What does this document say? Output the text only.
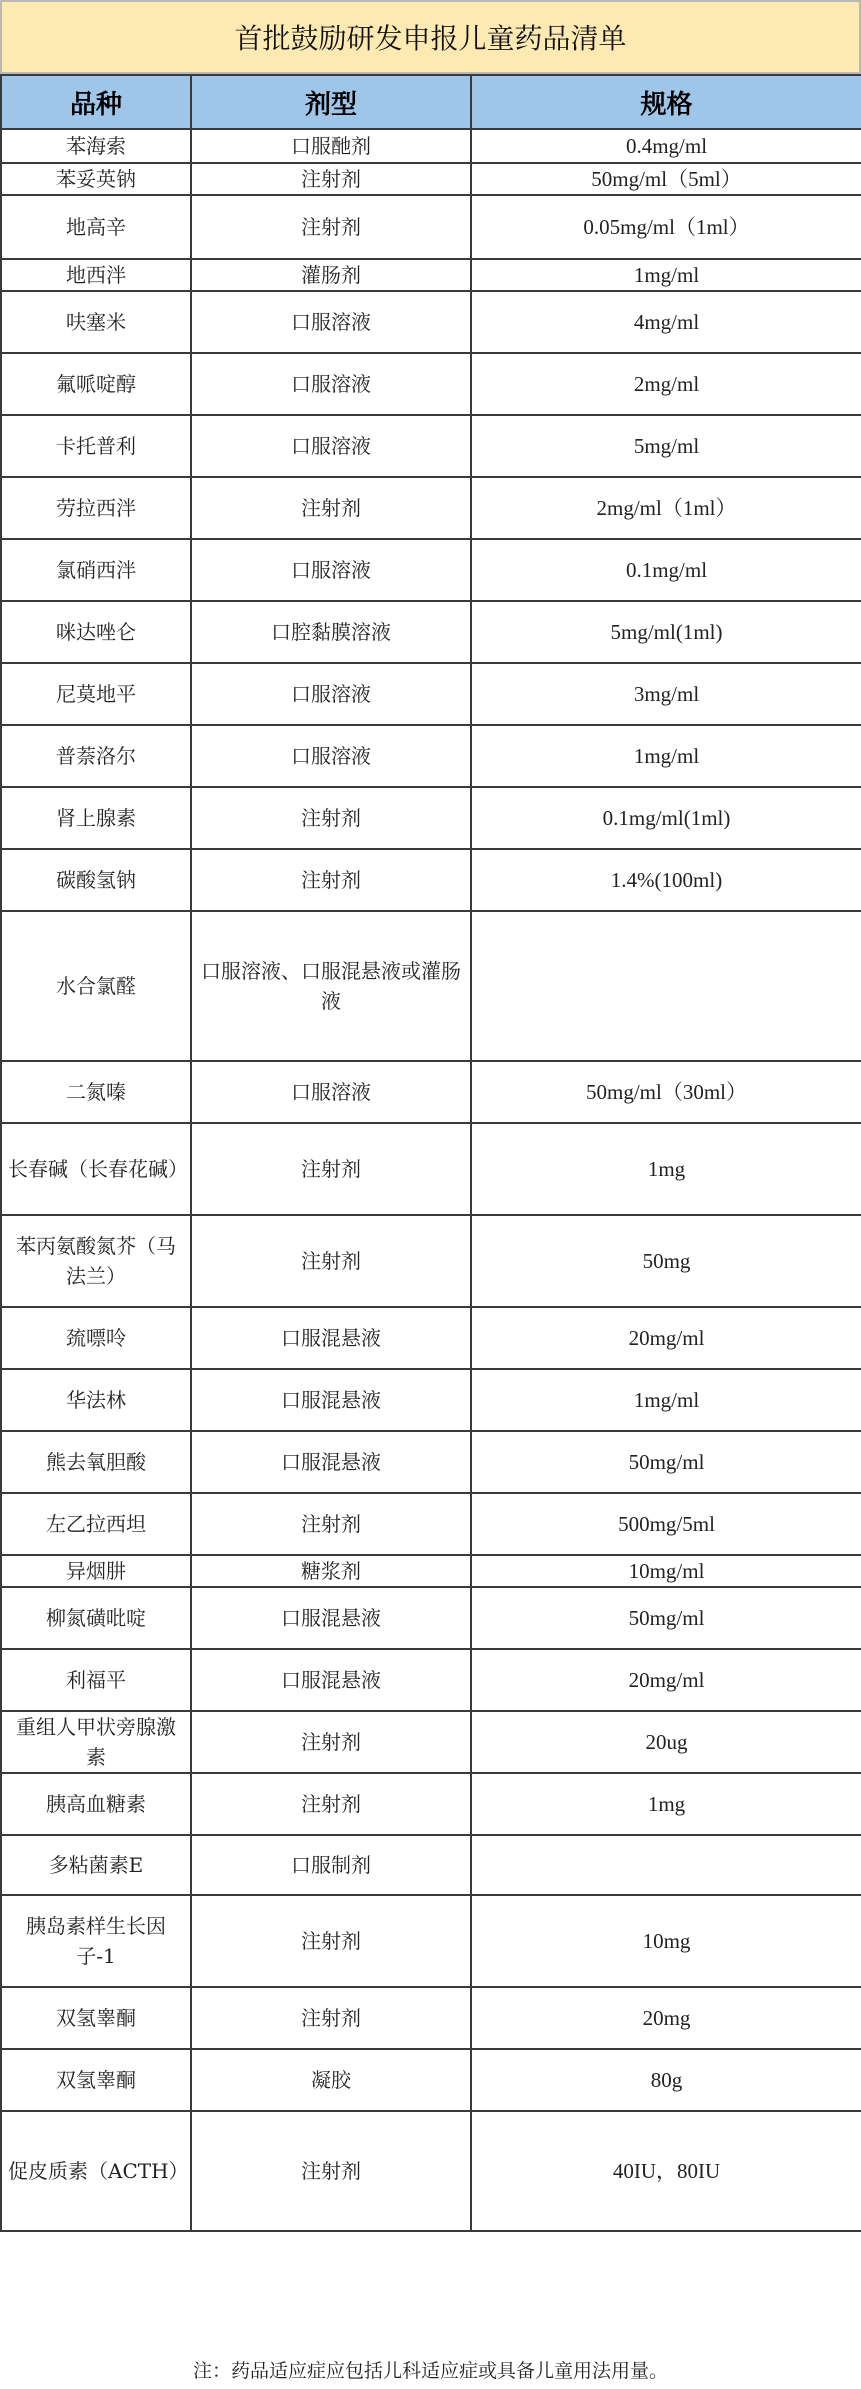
首批鼓励研发申报儿童药品清单
品种	剂型	规格
苯海索	口服酏剂	0.4mg/ml
苯妥英钠	注射剂	50mg/ml（5ml）
地高辛	注射剂	0.05mg/ml（1ml）
地西泮	灌肠剂	1mg/ml
呋塞米	口服溶液	4mg/ml
氟哌啶醇	口服溶液	2mg/ml
卡托普利	口服溶液	5mg/ml
劳拉西泮	注射剂	2mg/ml（1ml）
氯硝西泮	口服溶液	0.1mg/ml
咪达唑仑	口腔黏膜溶液	5mg/ml(1ml)
尼莫地平	口服溶液	3mg/ml
普萘洛尔	口服溶液	1mg/ml
肾上腺素	注射剂	0.1mg/ml(1ml)
碳酸氢钠	注射剂	1.4%(100ml)
水合氯醛	口服溶液、口服混悬液或灌肠液	
二氮嗪	口服溶液	50mg/ml（30ml）
长春碱（长春花碱）	注射剂	1mg
苯丙氨酸氮芥（马法兰）	注射剂	50mg
巯嘌呤	口服混悬液	20mg/ml
华法林	口服混悬液	1mg/ml
熊去氧胆酸	口服混悬液	50mg/ml
左乙拉西坦	注射剂	500mg/5ml
异烟肼	糖浆剂	10mg/ml
柳氮磺吡啶	口服混悬液	50mg/ml
利福平	口服混悬液	20mg/ml
重组人甲状旁腺激素	注射剂	20ug
胰高血糖素	注射剂	1mg
多粘菌素E	口服制剂	
胰岛素样生长因子-1	注射剂	10mg
双氢睾酮	注射剂	20mg
双氢睾酮	凝胶	80g
促皮质素（ACTH）	注射剂	40IU，80IU
注：药品适应症应包括儿科适应症或具备儿童用法用量。
